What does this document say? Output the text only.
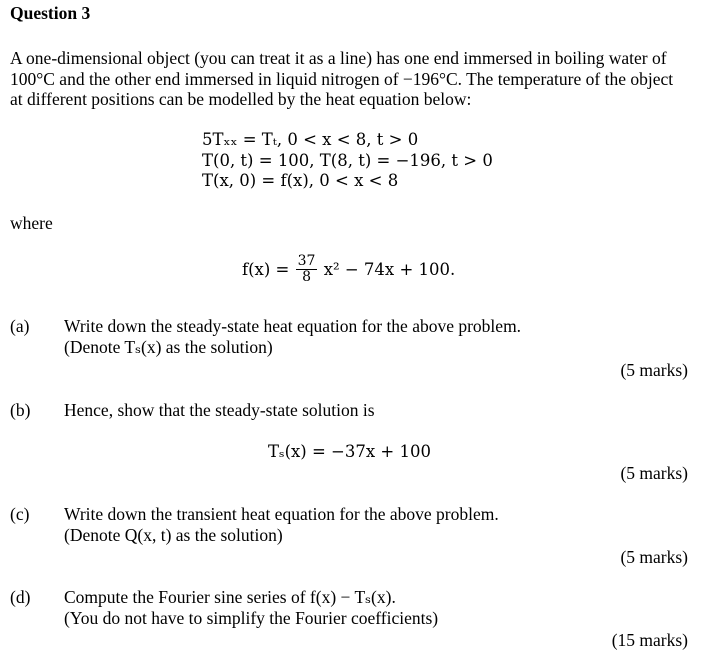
Question 3
A one-dimensional object (you can treat it as a line) has one end immersed in boiling water of
100°C and the other end immersed in liquid nitrogen of −196°C. The temperature of the object
at different positions can be modelled by the heat equation below:
5Tₓₓ = Tₜ, 0 < x < 8, t > 0
T(0, t) = 100, T(8, t) = −196, t > 0
T(x, 0) = f(x), 0 < x < 8
where
$f(x) = \frac{37}{8} x^2 - 74x + 100$.
(a) Write down the steady-state heat equation for the above problem.
(Denote Tₛ(x) as the solution)
(5 marks)
(b) Hence, show that the steady-state solution is
Tₛ(x) = −37x + 100
(5 marks)
(c) Write down the transient heat equation for the above problem.
(Denote Q(x, t) as the solution)
(5 marks)
(d) Compute the Fourier sine series of f(x) − Tₛ(x).
(You do not have to simplify the Fourier coefficients)
(15 marks)
